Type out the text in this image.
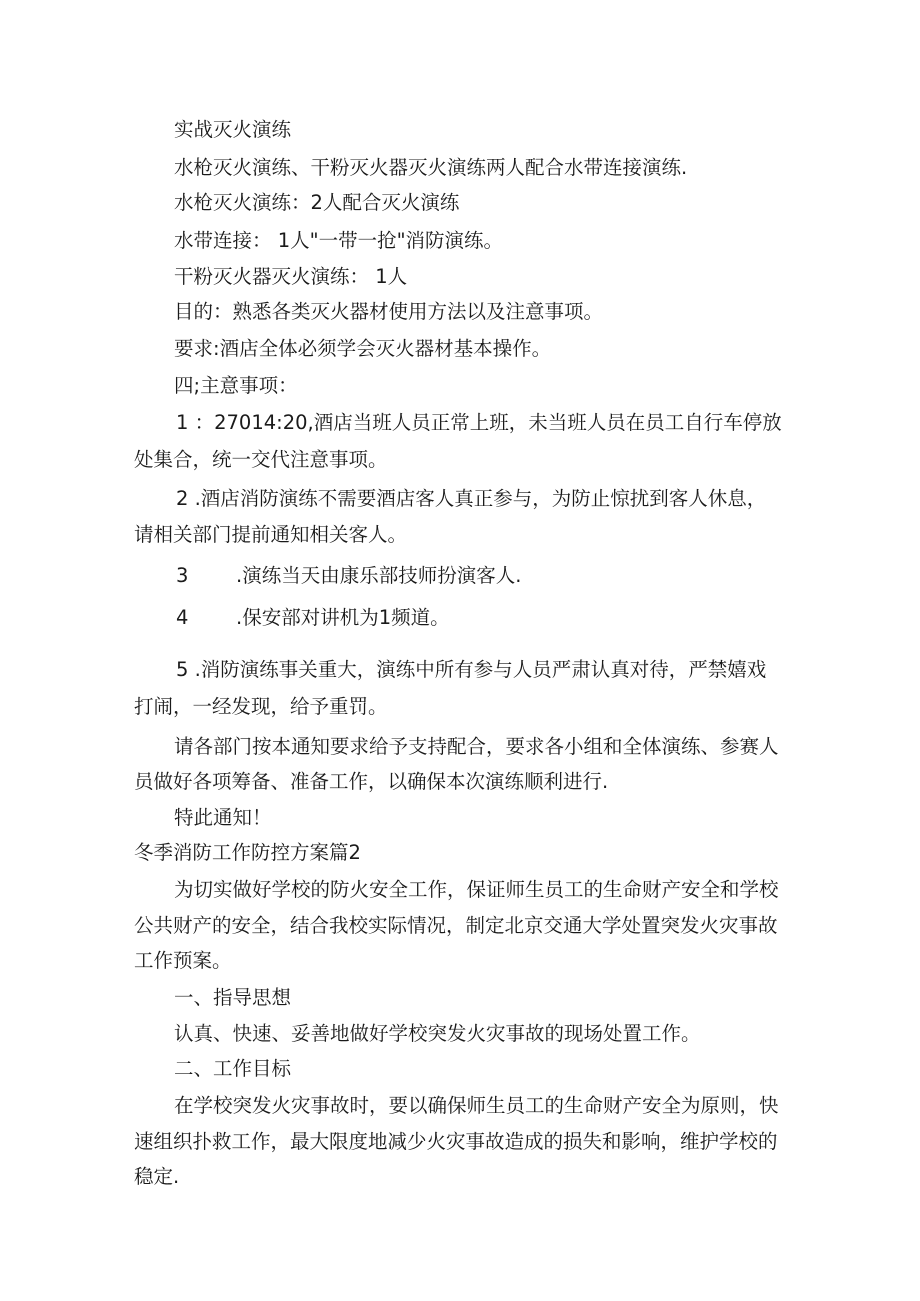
实战灭火演练
水枪灭火演练、干粉灭火器灭火演练两人配合水带连接演练.
水枪灭火演练：2人配合灭火演练
水带连接： 1人"一带一抢"消防演练。
干粉灭火器灭火演练： 1人
目的：熟悉各类灭火器材使用方法以及注意事项。
要求:酒店全体必须学会灭火器材基本操作。
四;主意事项：
1 ：27014:20,酒店当班人员正常上班，未当班人员在员工自行车停放
处集合，统一交代注意事项。
2 .酒店消防演练不需要酒店客人真正参与，为防止惊扰到客人休息，
请相关部门提前通知相关客人。
3 .演练当天由康乐部技师扮演客人.
4 .保安部对讲机为1频道。
5 .消防演练事关重大，演练中所有参与人员严肃认真对待，严禁嬉戏
打闹，一经发现，给予重罚。
请各部门按本通知要求给予支持配合，要求各小组和全体演练、参赛人
员做好各项筹备、准备工作，以确保本次演练顺利进行.
特此通知！
冬季消防工作防控方案篇2
为切实做好学校的防火安全工作，保证师生员工的生命财产安全和学校
公共财产的安全，结合我校实际情况，制定北京交通大学处置突发火灾事故
工作预案。
一、指导思想
认真、快速、妥善地做好学校突发火灾事故的现场处置工作。
二、工作目标
在学校突发火灾事故时，要以确保师生员工的生命财产安全为原则，快
速组织扑救工作，最大限度地减少火灾事故造成的损失和影响，维护学校的
稳定.
